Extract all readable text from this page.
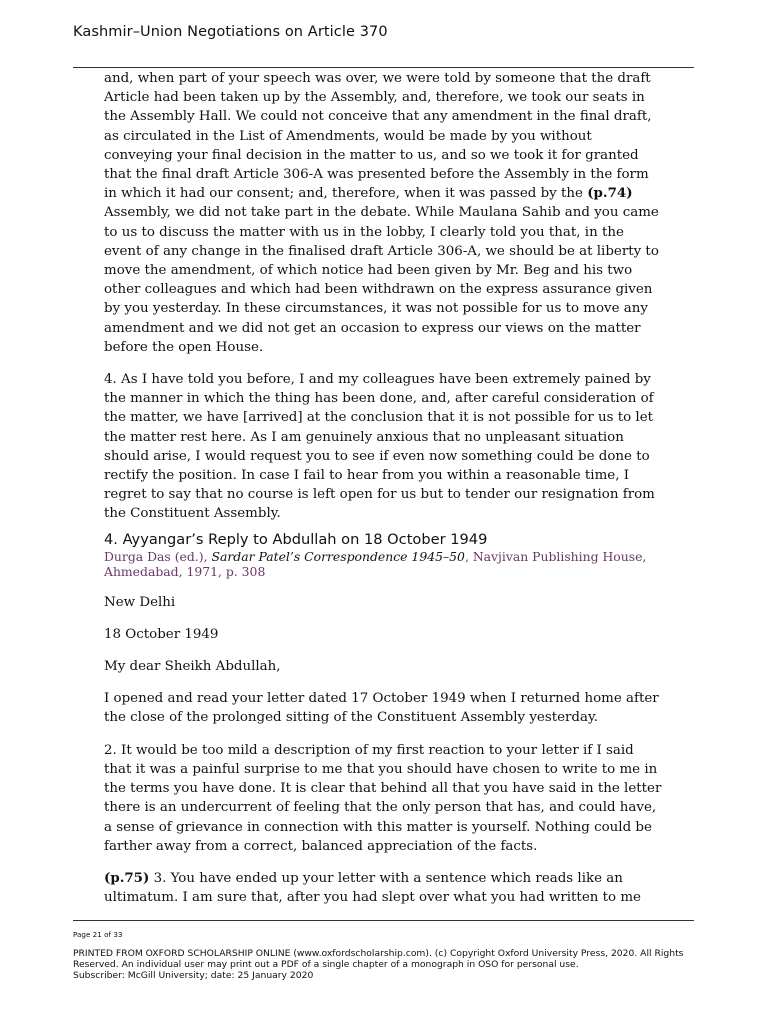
Kashmir–Union Negotiations on Article 370

and, when part of your speech was over, we were told by someone that the draft Article had been taken up by the Assembly, and, therefore, we took our seats in the Assembly Hall. We could not conceive that any amendment in the final draft, as circulated in the List of Amendments, would be made by you without conveying your final decision in the matter to us, and so we took it for granted that the final draft Article 306-A was presented before the Assembly in the form in which it had our consent; and, therefore, when it was passed by the (p.74) Assembly, we did not take part in the debate. While Maulana Sahib and you came to us to discuss the matter with us in the lobby, I clearly told you that, in the event of any change in the finalised draft Article 306-A, we should be at liberty to move the amendment, of which notice had been given by Mr. Beg and his two other colleagues and which had been withdrawn on the express assurance given by you yesterday. In these circumstances, it was not possible for us to move any amendment and we did not get an occasion to express our views on the matter before the open House.

4. As I have told you before, I and my colleagues have been extremely pained by the manner in which the thing has been done, and, after careful consideration of the matter, we have [arrived] at the conclusion that it is not possible for us to let the matter rest here. As I am genuinely anxious that no unpleasant situation should arise, I would request you to see if even now something could be done to rectify the position. In case I fail to hear from you within a reasonable time, I regret to say that no course is left open for us but to tender our resignation from the Constituent Assembly.

4. Ayyangar’s Reply to Abdullah on 18 October 1949

Durga Das (ed.), Sardar Patel’s Correspondence 1945–50, Navjivan Publishing House, Ahmedabad, 1971, p. 308

New Delhi

18 October 1949

My dear Sheikh Abdullah,

I opened and read your letter dated 17 October 1949 when I returned home after the close of the prolonged sitting of the Constituent Assembly yesterday.

2. It would be too mild a description of my first reaction to your letter if I said that it was a painful surprise to me that you should have chosen to write to me in the terms you have done. It is clear that behind all that you have said in the letter there is an undercurrent of feeling that the only person that has, and could have, a sense of grievance in connection with this matter is yourself. Nothing could be farther away from a correct, balanced appreciation of the facts.

(p.75) 3. You have ended up your letter with a sentence which reads like an ultimatum. I am sure that, after you had slept over what you had written to me

Page 21 of 33
PRINTED FROM OXFORD SCHOLARSHIP ONLINE (www.oxfordscholarship.com). (c) Copyright Oxford University Press, 2020. All Rights Reserved. An individual user may print out a PDF of a single chapter of a monograph in OSO for personal use.
Subscriber: McGill University; date: 25 January 2020
